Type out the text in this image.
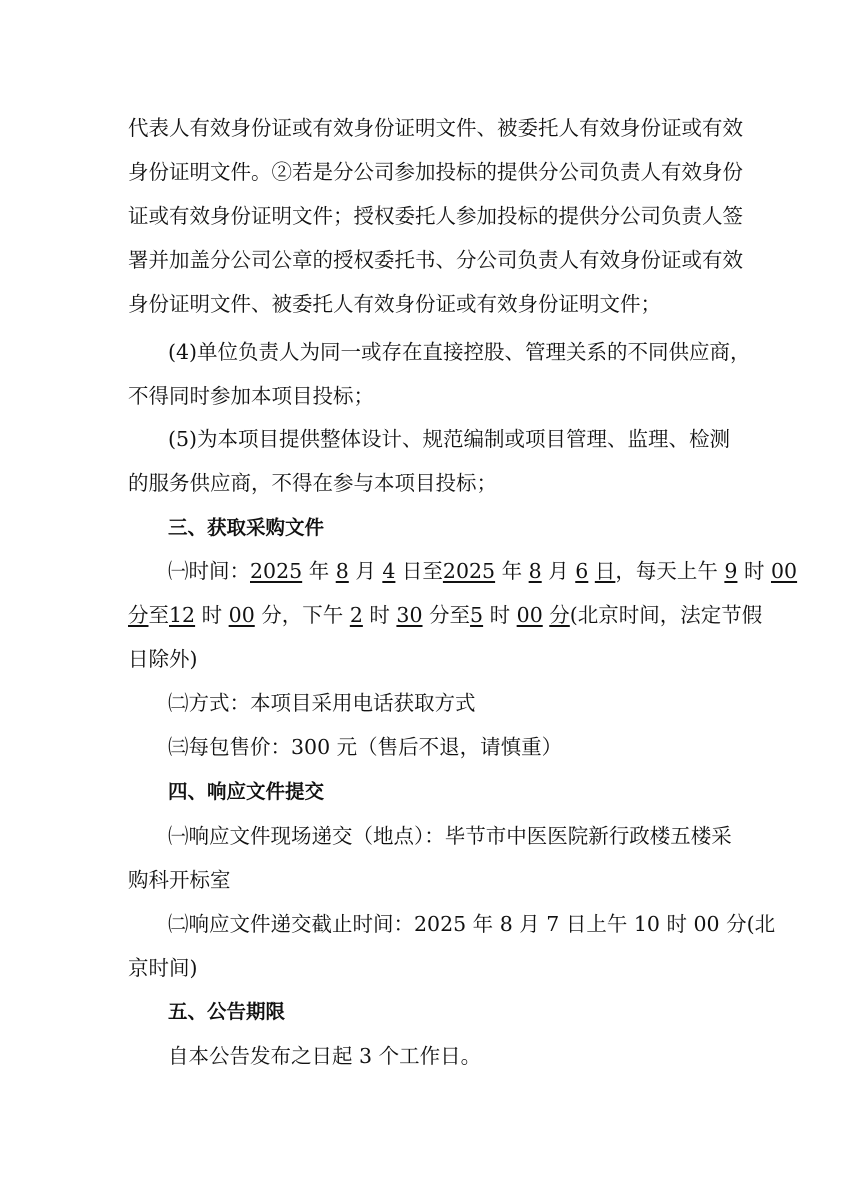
代表人有效身份证或有效身份证明文件、被委托人有效身份证或有效
身份证明文件。②若是分公司参加投标的提供分公司负责人有效身份
证或有效身份证明文件；授权委托人参加投标的提供分公司负责人签
署并加盖分公司公章的授权委托书、分公司负责人有效身份证或有效
身份证明文件、被委托人有效身份证或有效身份证明文件；
(4)单位负责人为同一或存在直接控股、管理关系的不同供应商，
不得同时参加本项目投标；
(5)为本项目提供整体设计、规范编制或项目管理、监理、检测
的服务供应商，不得在参与本项目投标；
三、获取采购文件
㈠时间：2025 年 8 月 4 日至2025 年 8 月 6 日，每天上午 9 时 00
分至12 时 00 分，下午 2 时 30 分至5 时 00 分(北京时间，法定节假
日除外)
㈡方式：本项目采用电话获取方式
㈢每包售价：300 元（售后不退，请慎重）
四、响应文件提交
㈠响应文件现场递交（地点）：毕节市中医医院新行政楼五楼采
购科开标室
㈡响应文件递交截止时间：2025 年 8 月 7 日上午 10 时 00 分(北
京时间)
五、公告期限
自本公告发布之日起 3 个工作日。
